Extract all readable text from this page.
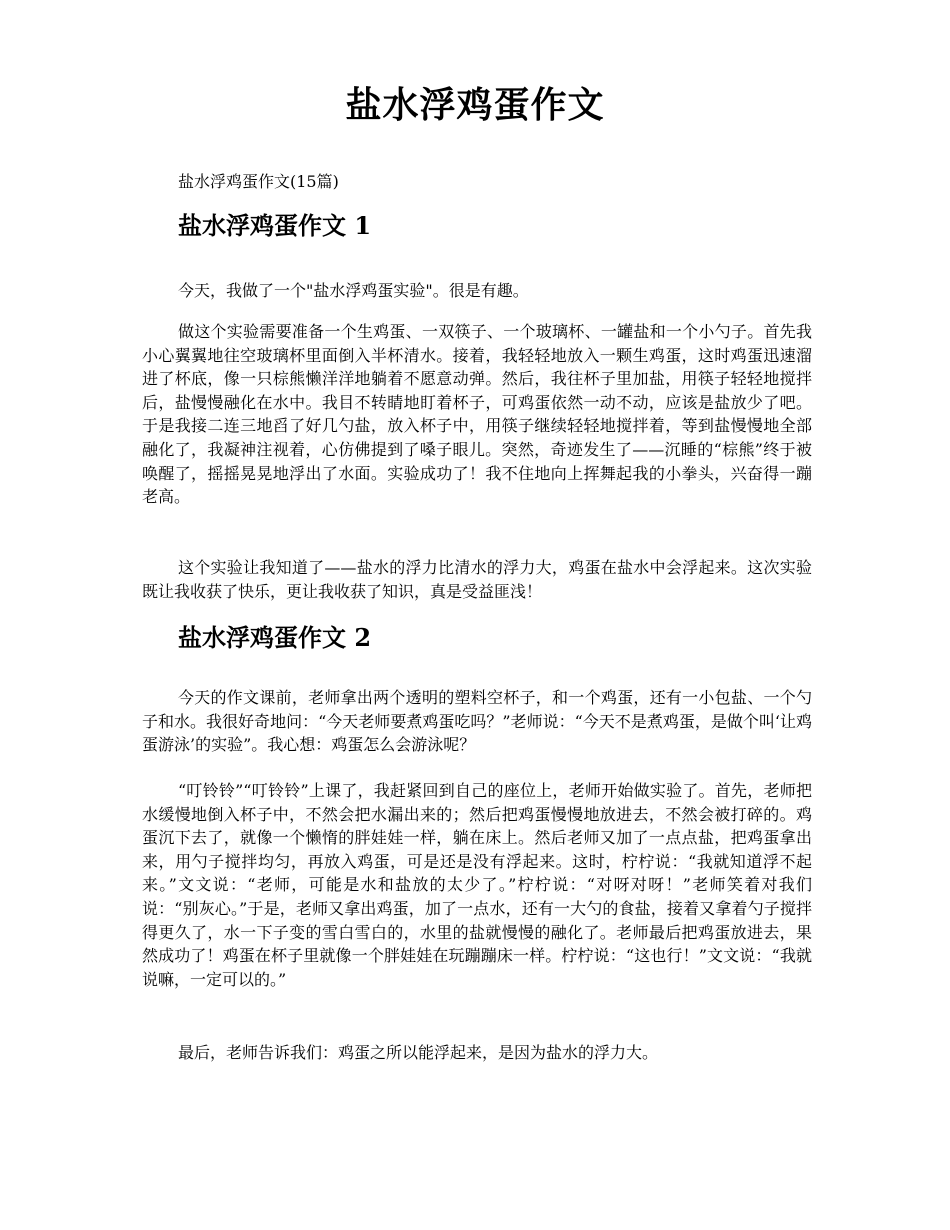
盐水浮鸡蛋作文
盐水浮鸡蛋作文(15篇)
盐水浮鸡蛋作文 1
今天，我做了一个"盐水浮鸡蛋实验"。很是有趣。
做这个实验需要准备一个生鸡蛋、一双筷子、一个玻璃杯、一罐盐和一个小勺子。首先我小心翼翼地往空玻璃杯里面倒入半杯清水。接着，我轻轻地放入一颗生鸡蛋，这时鸡蛋迅速溜进了杯底，像一只棕熊懒洋洋地躺着不愿意动弹。然后，我往杯子里加盐，用筷子轻轻地搅拌后，盐慢慢融化在水中。我目不转睛地盯着杯子，可鸡蛋依然一动不动，应该是盐放少了吧。于是我接二连三地舀了好几勺盐，放入杯子中，用筷子继续轻轻地搅拌着，等到盐慢慢地全部融化了，我凝神注视着，心仿佛提到了嗓子眼儿。突然，奇迹发生了——沉睡的“棕熊”终于被唤醒了，摇摇晃晃地浮出了水面。实验成功了！我不住地向上挥舞起我的小拳头，兴奋得一蹦老高。
这个实验让我知道了——盐水的浮力比清水的浮力大，鸡蛋在盐水中会浮起来。这次实验既让我收获了快乐，更让我收获了知识，真是受益匪浅！
盐水浮鸡蛋作文 2
今天的作文课前，老师拿出两个透明的塑料空杯子，和一个鸡蛋，还有一小包盐、一个勺子和水。我很好奇地问：“今天老师要煮鸡蛋吃吗？”老师说：“今天不是煮鸡蛋，是做个叫‘让鸡蛋游泳’的实验”。我心想：鸡蛋怎么会游泳呢？
“叮铃铃”“叮铃铃”上课了，我赶紧回到自己的座位上，老师开始做实验了。首先，老师把水缓慢地倒入杯子中，不然会把水漏出来的；然后把鸡蛋慢慢地放进去，不然会被打碎的。鸡蛋沉下去了，就像一个懒惰的胖娃娃一样，躺在床上。然后老师又加了一点点盐，把鸡蛋拿出来，用勺子搅拌均匀，再放入鸡蛋，可是还是没有浮起来。这时，柠柠说：“我就知道浮不起来。”文文说：“老师，可能是水和盐放的太少了。”柠柠说：“对呀对呀！”老师笑着对我们说：“别灰心。”于是，老师又拿出鸡蛋，加了一点水，还有一大勺的食盐，接着又拿着勺子搅拌得更久了，水一下子变的雪白雪白的，水里的盐就慢慢的融化了。老师最后把鸡蛋放进去，果然成功了！鸡蛋在杯子里就像一个胖娃娃在玩蹦蹦床一样。柠柠说：“这也行！”文文说：“我就说嘛，一定可以的。”
最后，老师告诉我们：鸡蛋之所以能浮起来，是因为盐水的浮力大。
